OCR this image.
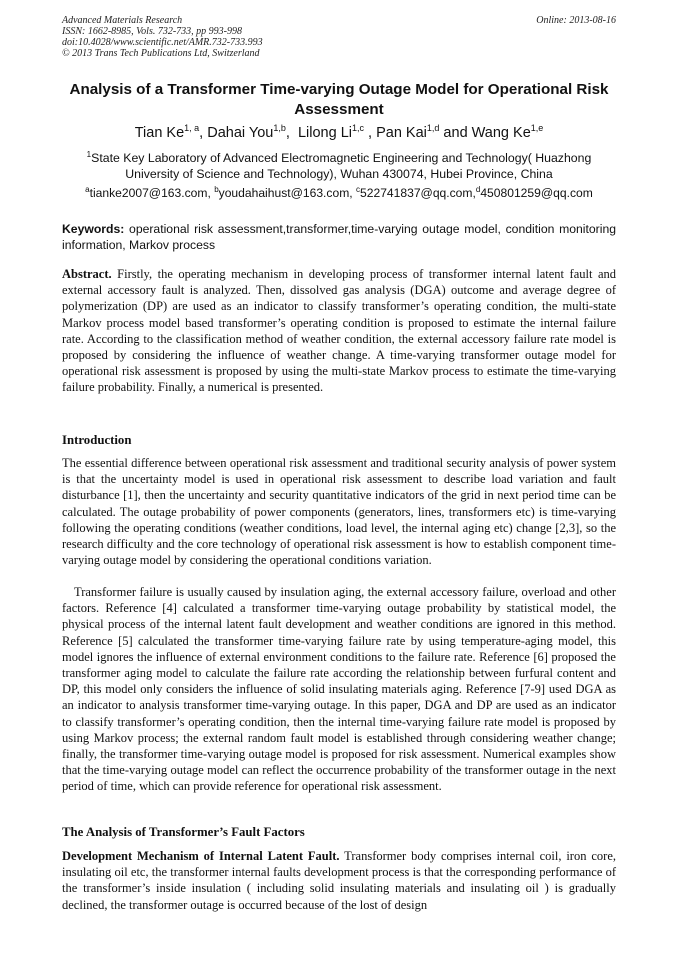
Advanced Materials Research
ISSN: 1662-8985, Vols. 732-733, pp 993-998
doi:10.4028/www.scientific.net/AMR.732-733.993
© 2013 Trans Tech Publications Ltd, Switzerland
Online: 2013-08-16
Analysis of a Transformer Time-varying Outage Model for Operational Risk Assessment
Tian Ke$^{1, a}$, Dahai You$^{1,b}$,  Lilong Li$^{1,c}$ , Pan Kai$^{1,d}$ and Wang Ke$^{1,e}$
$^1$State Key Laboratory of Advanced Electromagnetic Engineering and Technology( Huazhong University of Science and Technology), Wuhan 430074, Hubei Province, China
$^a$tianke2007@163.com, $^b$youdahaihust@163.com, $^c$522741837@qq.com,$^d$450801259@qq.com
Keywords: operational risk assessment,transformer,time-varying outage model, condition monitoring information, Markov process

Abstract. Firstly, the operating mechanism in developing process of transformer internal latent fault and external accessory fault is analyzed. Then, dissolved gas analysis (DGA) outcome and average degree of polymerization (DP) are used as an indicator to classify transformer’s operating condition, the multi-state Markov process model based transformer’s operating condition is proposed to estimate the internal failure rate. According to the classification method of weather condition, the external accessory failure rate model is proposed by considering the influence of weather change. A time-varying transformer outage model for operational risk assessment is proposed by using the multi-state Markov process to estimate the time-varying failure probability. Finally, a numerical is presented.

Introduction

The essential difference between operational risk assessment and traditional security analysis of power system is that the uncertainty model is used in operational risk assessment to describe load variation and fault disturbance [1], then the uncertainty and security quantitative indicators of the grid in next period time can be calculated. The outage probability of power components (generators, lines, transformers etc) is time-varying following the operating conditions (weather conditions, load level, the internal aging etc) change [2,3], so the research difficulty and the core technology of operational risk assessment is how to establish component time-varying outage model by considering the operational conditions variation.

Transformer failure is usually caused by insulation aging, the external accessory failure, overload and other factors. Reference [4] calculated a transformer time-varying outage probability by statistical model, the physical process of the internal latent fault development and weather conditions are ignored in this method. Reference [5] calculated the transformer time-varying failure rate by using temperature-aging model, this model ignores the influence of external environment conditions to the failure rate. Reference [6] proposed the transformer aging model to calculate the failure rate according the relationship between furfural content and DP, this model only considers the influence of solid insulating materials aging. Reference [7-9] used DGA as an indicator to analysis transformer time-varying outage. In this paper, DGA and DP are used as an indicator to classify transformer’s operating condition, then the internal time-varying failure rate model is proposed by using Markov process; the external random fault model is established through considering weather change; finally, the transformer time-varying outage model is proposed for risk assessment. Numerical examples show that the time-varying outage model can reflect the occurrence probability of the transformer outage in the next period of time, which can provide reference for operational risk assessment.

The Analysis of Transformer’s Fault Factors

Development Mechanism of Internal Latent Fault. Transformer body comprises internal coil, iron core, insulating oil etc, the transformer internal faults development process is that the corresponding performance of the transformer’s inside insulation ( including solid insulating materials and insulating oil ) is gradually declined, the transformer outage is occurred because of the lost of design
